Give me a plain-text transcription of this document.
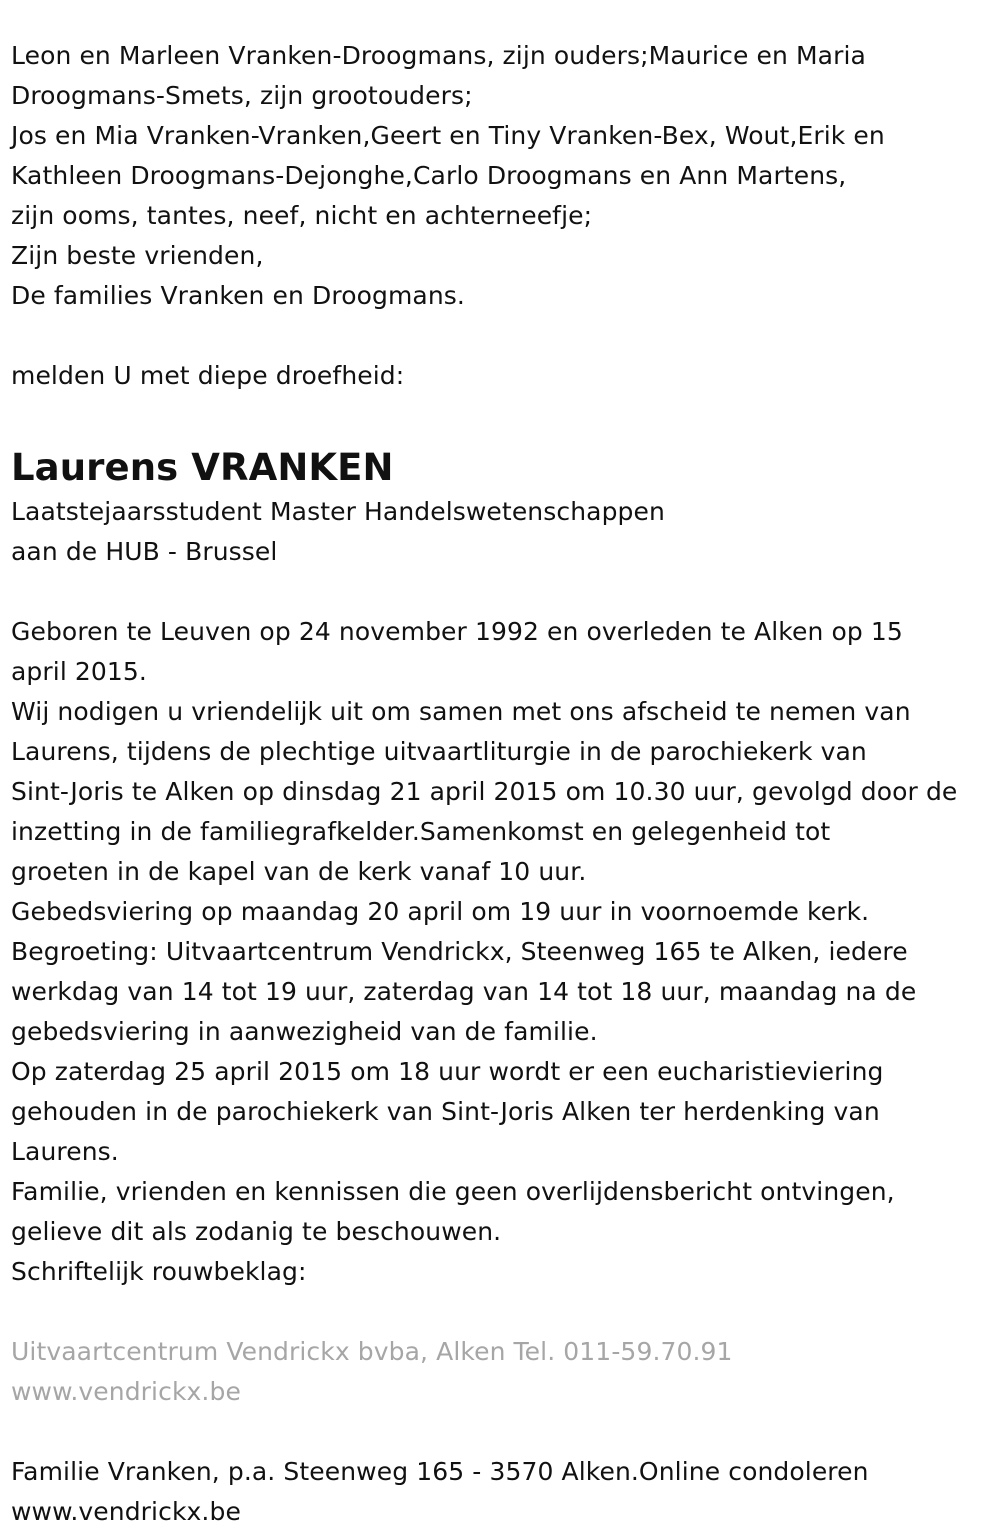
Leon en Marleen Vranken-Droogmans, zijn ouders;Maurice en Maria
Droogmans-Smets, zijn grootouders;
Jos en Mia Vranken-Vranken,Geert en Tiny Vranken-Bex, Wout,Erik en
Kathleen Droogmans-Dejonghe,Carlo Droogmans en Ann Martens,
zijn ooms, tantes, neef, nicht en achterneefje;
Zijn beste vrienden,
De families Vranken en Droogmans.
melden U met diepe droefheid:
Laurens VRANKEN
Laatstejaarsstudent Master Handelswetenschappen
aan de HUB - Brussel
Geboren te Leuven op 24 november 1992 en overleden te Alken op 15
april 2015.
Wij nodigen u vriendelijk uit om samen met ons afscheid te nemen van
Laurens, tijdens de plechtige uitvaartliturgie in de parochiekerk van
Sint-Joris te Alken op dinsdag 21 april 2015 om 10.30 uur, gevolgd door de
inzetting in de familiegrafkelder.Samenkomst en gelegenheid tot
groeten in de kapel van de kerk vanaf 10 uur.
Gebedsviering op maandag 20 april om 19 uur in voornoemde kerk.
Begroeting: Uitvaartcentrum Vendrickx, Steenweg 165 te Alken, iedere
werkdag van 14 tot 19 uur, zaterdag van 14 tot 18 uur, maandag na de
gebedsviering in aanwezigheid van de familie.
Op zaterdag 25 april 2015 om 18 uur wordt er een eucharistieviering
gehouden in de parochiekerk van Sint-Joris Alken ter herdenking van
Laurens.
Familie, vrienden en kennissen die geen overlijdensbericht ontvingen,
gelieve dit als zodanig te beschouwen.
Schriftelijk rouwbeklag:
Uitvaartcentrum Vendrickx bvba, Alken Tel. 011-59.70.91
www.vendrickx.be
Familie Vranken, p.a. Steenweg 165 - 3570 Alken.Online condoleren
www.vendrickx.be
